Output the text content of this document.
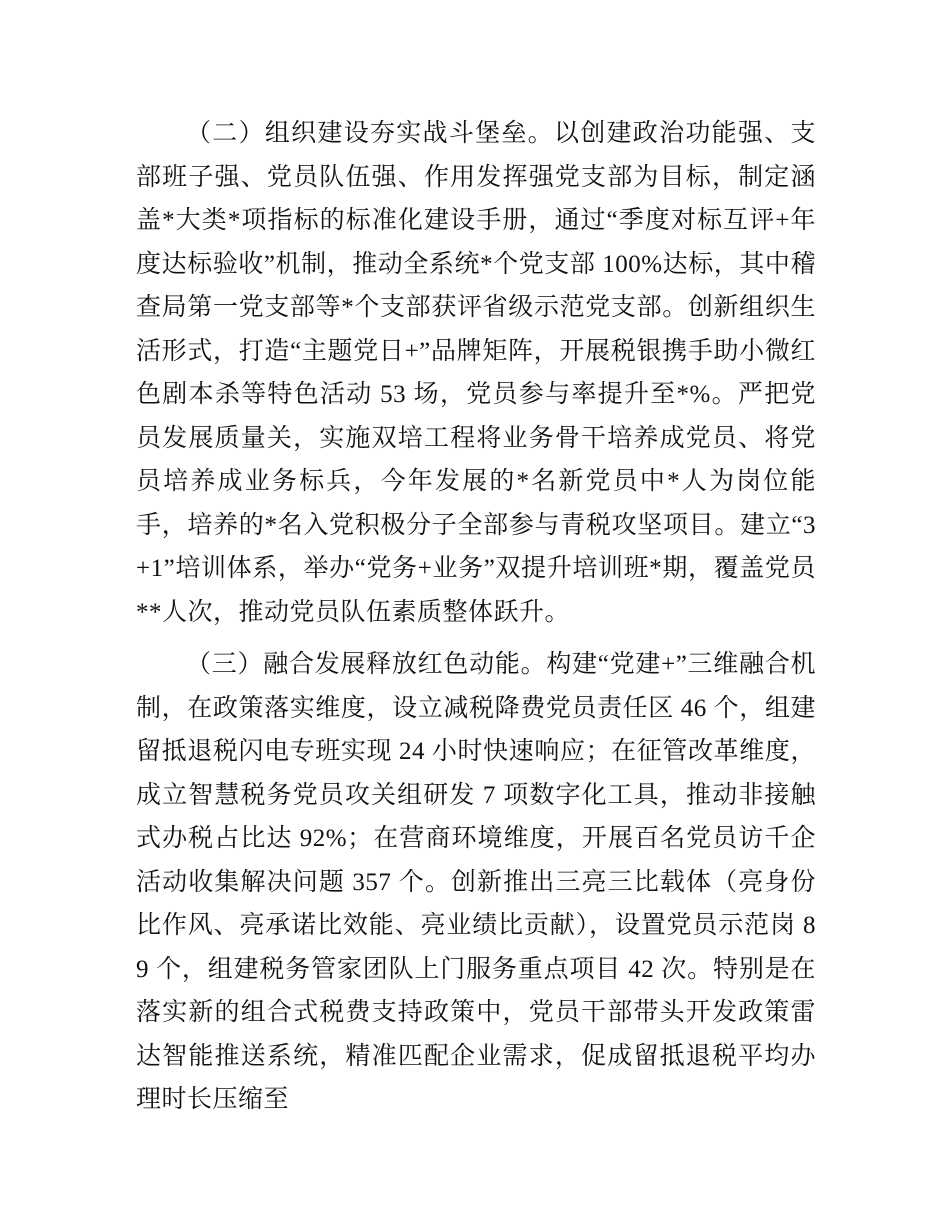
（二）组织建设夯实战斗堡垒。以创建政治功能强、支部班子强、党员队伍强、作用发挥强党支部为目标，制定涵盖*大类*项指标的标准化建设手册，通过“季度对标互评+年度达标验收”机制，推动全系统*个党支部 100%达标，其中稽查局第一党支部等*个支部获评省级示范党支部。创新组织生活形式，打造“主题党日+”品牌矩阵，开展税银携手助小微红色剧本杀等特色活动 53 场，党员参与率提升至*%。严把党员发展质量关，实施双培工程将业务骨干培养成党员、将党员培养成业务标兵，今年发展的*名新党员中*人为岗位能手，培养的*名入党积极分子全部参与青税攻坚项目。建立“3+1”培训体系，举办“党务+业务”双提升培训班*期，覆盖党员**人次，推动党员队伍素质整体跃升。

（三）融合发展释放红色动能。构建“党建+”三维融合机制，在政策落实维度，设立减税降费党员责任区 46 个，组建留抵退税闪电专班实现 24 小时快速响应；在征管改革维度，成立智慧税务党员攻关组研发 7 项数字化工具，推动非接触式办税占比达 92%；在营商环境维度，开展百名党员访千企活动收集解决问题 357 个。创新推出三亮三比载体（亮身份比作风、亮承诺比效能、亮业绩比贡献），设置党员示范岗 89 个，组建税务管家团队上门服务重点项目 42 次。特别是在落实新的组合式税费支持政策中，党员干部带头开发政策雷达智能推送系统，精准匹配企业需求，促成留抵退税平均办理时长压缩至
